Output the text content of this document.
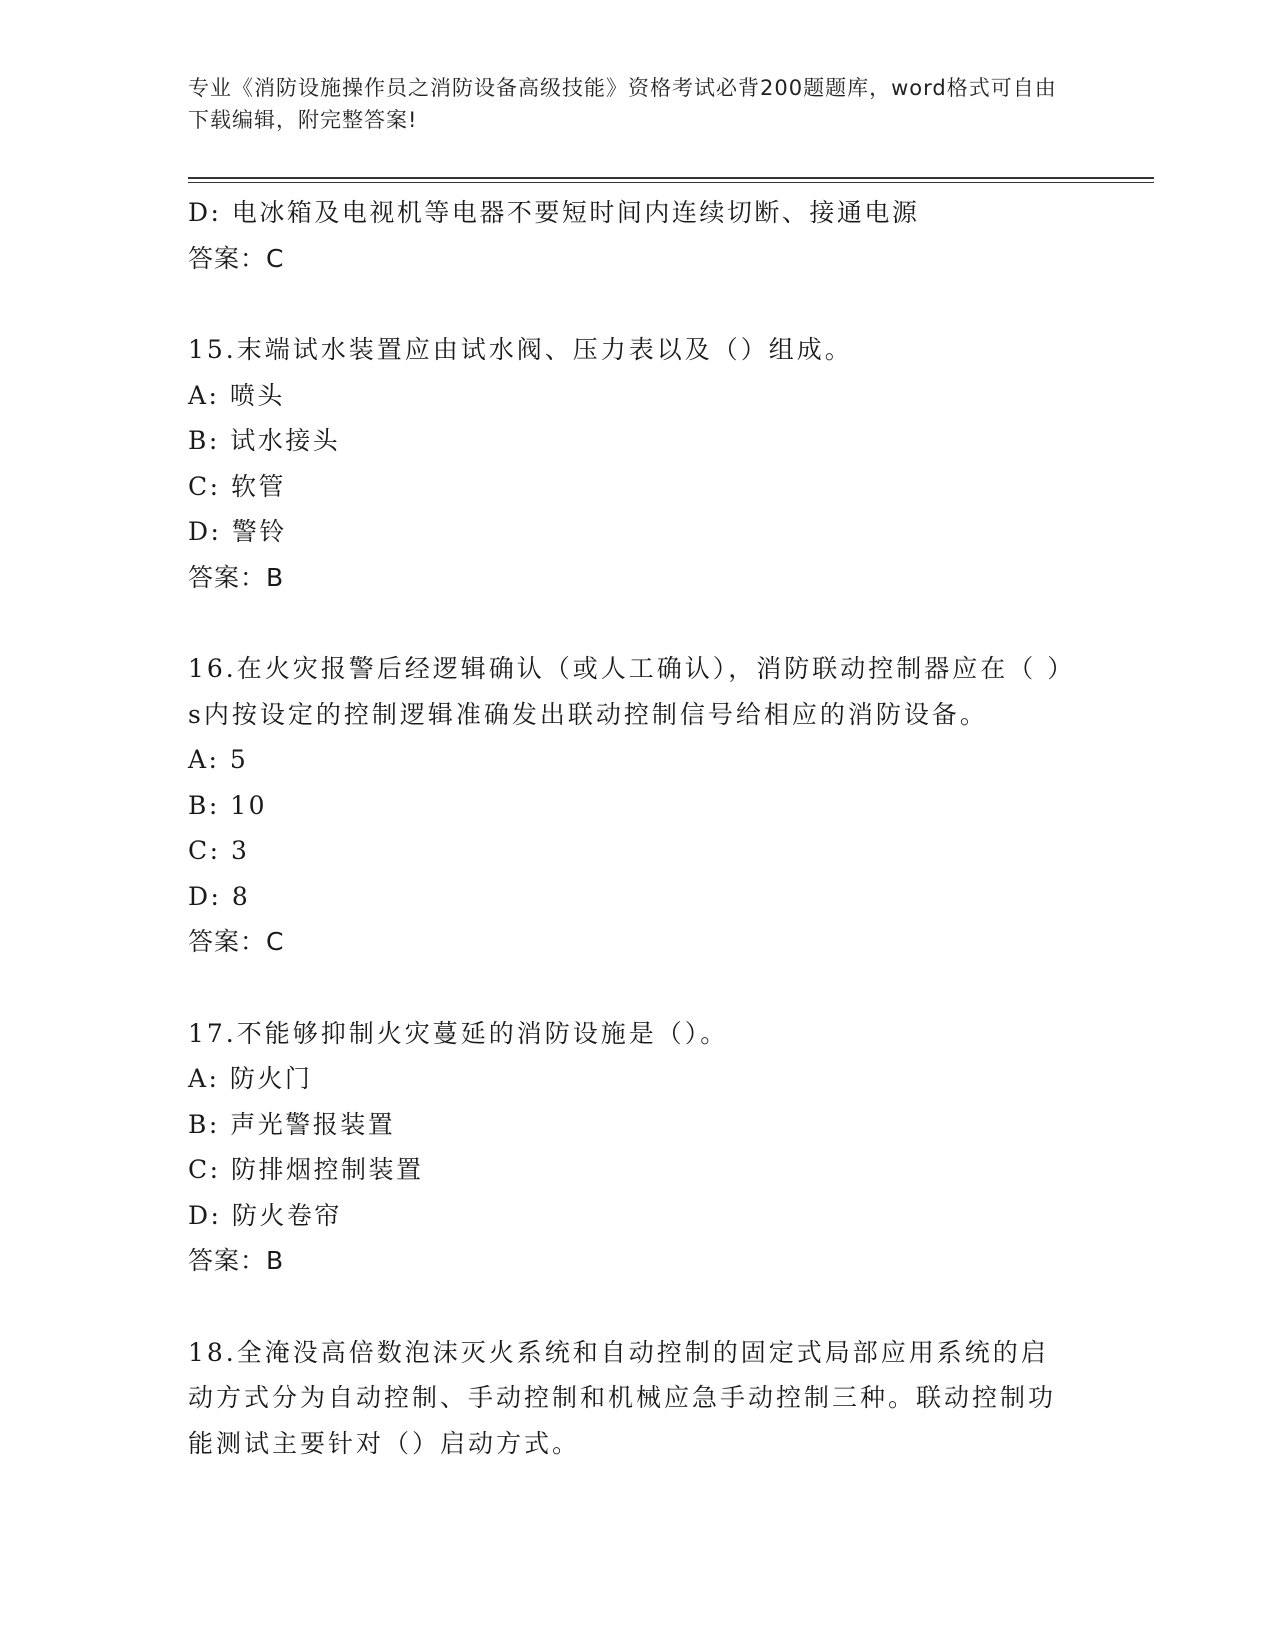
专业《消防设施操作员之消防设备高级技能》资格考试必背200题题库，word格式可自由下载编辑，附完整答案!
D: 电冰箱及电视机等电器不要短时间内连续切断、接通电源
答案：C
15.末端试水装置应由试水阀、压力表以及（）组成。
A: 喷头
B: 试水接头
C: 软管
D: 警铃
答案：B
16.在火灾报警后经逻辑确认（或人工确认），消防联动控制器应在（ ）s内按设定的控制逻辑准确发出联动控制信号给相应的消防设备。
A: 5
B: 10
C: 3
D: 8
答案：C
17.不能够抑制火灾蔓延的消防设施是（）。
A: 防火门
B: 声光警报装置
C: 防排烟控制装置
D: 防火卷帘
答案：B
18.全淹没高倍数泡沫灭火系统和自动控制的固定式局部应用系统的启动方式分为自动控制、手动控制和机械应急手动控制三种。联动控制功能测试主要针对（）启动方式。
